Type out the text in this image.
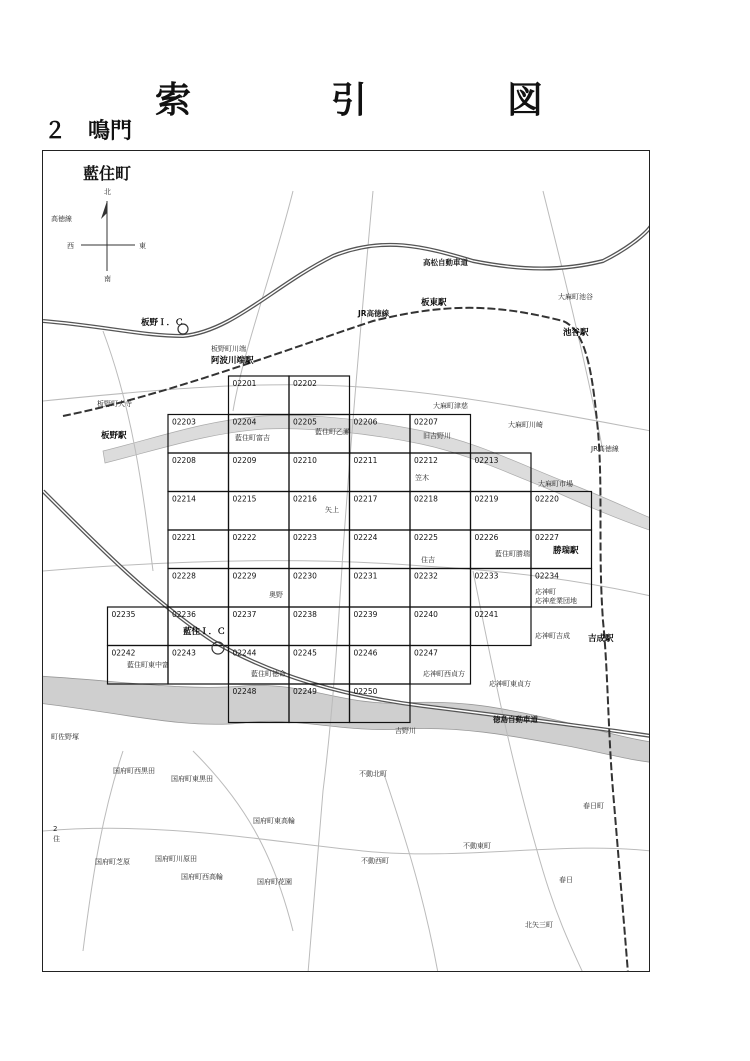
索　引　図
２　鳴門
藍住町
02201	02202
02203	02204	02205	02206	02207
02208	02209	02210	02211	02212	02213
02214	02215	02216	02217	02218	02219	02220
02221	02222	02223	02224	02225	02226	02227
02228	02229	02230	02231	02232	02233	02234
02235	02236	02237	02238	02239	02240	02241
02242	02243	02244	02245	02246	02247
02248	02249	02250
北
南
東
西
高松自動車道
徳島自動車道
JR高徳線
JR高徳線
高徳線
旧吉野川
吉野川
板野Ｉ．Ｃ
藍住Ｉ．Ｃ
阿波川端駅
板東駅
池谷駅
板野駅
勝瑞駅
吉成駅
板野町川端
板野町大寺
大麻町池谷
大麻町津慈
大麻町川崎
大麻町市場
藍住町富吉
藍住町乙瀬
笠木
矢上
住吉
藍住町勝瑞
奥野	応神町
応神産業団地
応神町吉成
応神町西貞方
応神町東貞方
藍住町徳命
藍住町東中富
町佐野塚
国府町西黒田
国府町東黒田
不動北町
国府町東高輪
国府町川原田
国府町芝原
国府町西高輪
国府町花園
不動西町
不動東町
春日町
春日
北矢三町
2
住
